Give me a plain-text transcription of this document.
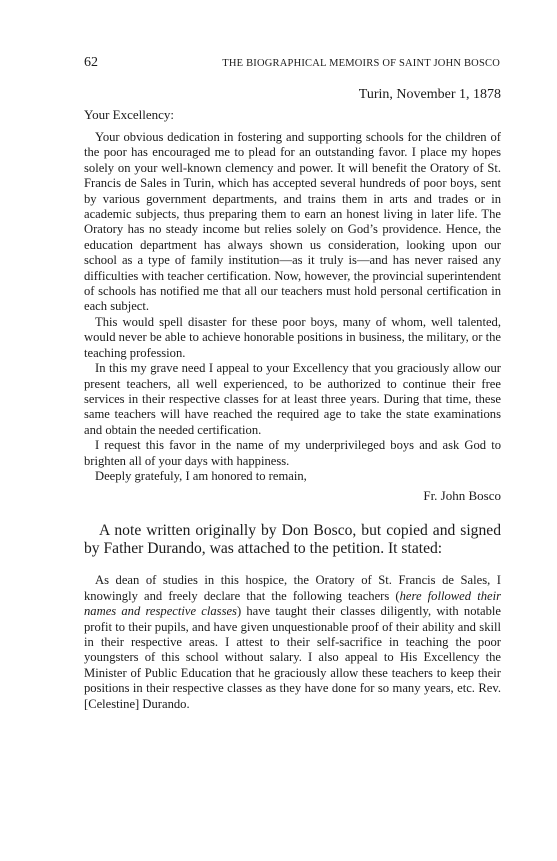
62	THE BIOGRAPHICAL MEMOIRS OF SAINT JOHN BOSCO
Turin, November 1, 1878
Your Excellency:

Your obvious dedication in fostering and supporting schools for the children of the poor has encouraged me to plead for an outstanding favor. I place my hopes solely on your well-known clemency and power. It will benefit the Oratory of St. Francis de Sales in Turin, which has accepted several hundreds of poor boys, sent by various government departments, and trains them in arts and trades or in academic subjects, thus preparing them to earn an honest living in later life. The Oratory has no steady income but relies solely on God’s providence. Hence, the education department has always shown us consideration, looking upon our school as a type of family institution—as it truly is—and has never raised any difficulties with teacher certification. Now, however, the provincial superintendent of schools has notified me that all our teachers must hold personal certification in each subject.

This would spell disaster for these poor boys, many of whom, well talented, would never be able to achieve honorable positions in business, the military, or the teaching profession.

In this my grave need I appeal to your Excellency that you graciously allow our present teachers, all well experienced, to be authorized to continue their free services in their respective classes for at least three years. During that time, these same teachers will have reached the required age to take the state examinations and obtain the needed certification.

I request this favor in the name of my underprivileged boys and ask God to brighten all of your days with happiness.

Deeply gratefuly, I am honored to remain,
Fr. John Bosco
A note written originally by Don Bosco, but copied and signed by Father Durando, was attached to the petition. It stated:
As dean of studies in this hospice, the Oratory of St. Francis de Sales, I knowingly and freely declare that the following teachers (here followed their names and respective classes) have taught their classes diligently, with notable profit to their pupils, and have given unquestionable proof of their ability and skill in their respective areas. I attest to their self-sacrifice in teaching the poor youngsters of this school without salary. I also appeal to His Excellency the Minister of Public Education that he graciously allow these teachers to keep their positions in their respective classes as they have done for so many years, etc. Rev. [Celestine] Durando.
